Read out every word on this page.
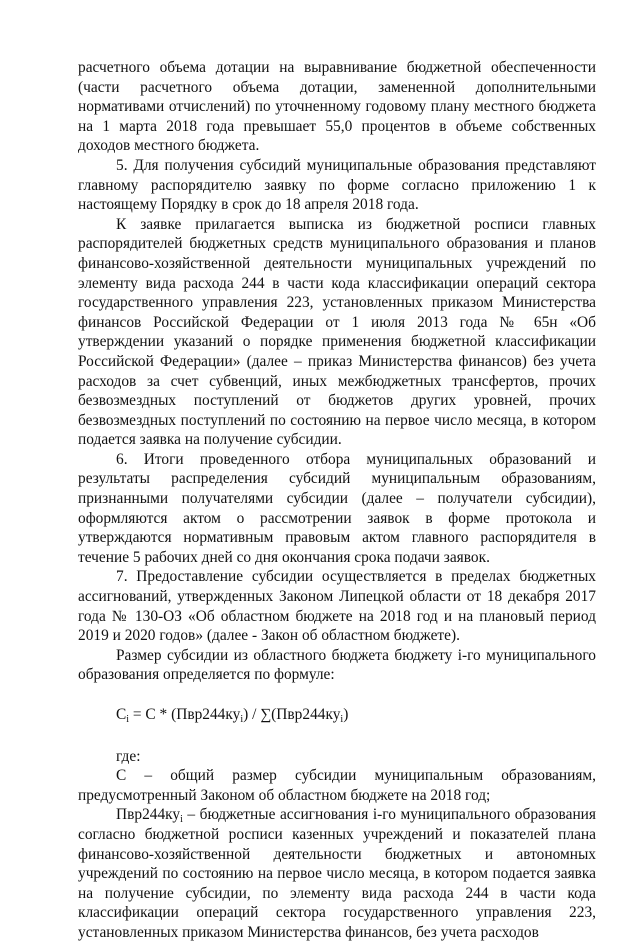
расчетного объема дотации на выравнивание бюджетной обеспеченности (части расчетного объема дотации, замененной дополнительными нормативами отчислений) по уточненному годовому плану местного бюджета на 1 марта 2018 года превышает 55,0 процентов в объеме собственных доходов местного бюджета.

5. Для получения субсидий муниципальные образования представляют главному распорядителю заявку по форме согласно приложению 1 к настоящему Порядку в срок до 18 апреля 2018 года.

К заявке прилагается выписка из бюджетной росписи главных распорядителей бюджетных средств муниципального образования и планов финансово-хозяйственной деятельности муниципальных учреждений по элементу вида расхода 244 в части кода классификации операций сектора государственного управления 223, установленных приказом Министерства финансов Российской Федерации от 1 июля 2013 года № 65н «Об утверждении указаний о порядке применения бюджетной классификации Российской Федерации» (далее – приказ Министерства финансов) без учета расходов за счет субвенций, иных межбюджетных трансфертов, прочих безвозмездных поступлений от бюджетов других уровней, прочих безвозмездных поступлений по состоянию на первое число месяца, в котором подается заявка на получение субсидии.

6. Итоги проведенного отбора муниципальных образований и результаты распределения субсидий муниципальным образованиям, признанными получателями субсидии (далее – получатели субсидии), оформляются актом о рассмотрении заявок в форме протокола и утверждаются нормативным правовым актом главного распорядителя в течение 5 рабочих дней со дня окончания срока подачи заявок.

7. Предоставление субсидии осуществляется в пределах бюджетных ассигнований, утвержденных Законом Липецкой области от 18 декабря 2017 года № 130-ОЗ «Об областном бюджете на 2018 год и на плановый период 2019 и 2020 годов» (далее - Закон об областном бюджете).

Размер субсидии из областного бюджета бюджету i-го муниципального образования определяется по формуле:

$C_i = C * (Пвр244ку_i) / \sum(Пвр244ку_i)$

где:

С – общий размер субсидии муниципальным образованиям, предусмотренный Законом об областном бюджете на 2018 год;

$Пвр244ку_i$ – бюджетные ассигнования i-го муниципального образования согласно бюджетной росписи казенных учреждений и показателей плана финансово-хозяйственной деятельности бюджетных и автономных учреждений по состоянию на первое число месяца, в котором подается заявка на получение субсидии, по элементу вида расхода 244 в части кода классификации операций сектора государственного управления 223, установленных приказом Министерства финансов, без учета расходов
